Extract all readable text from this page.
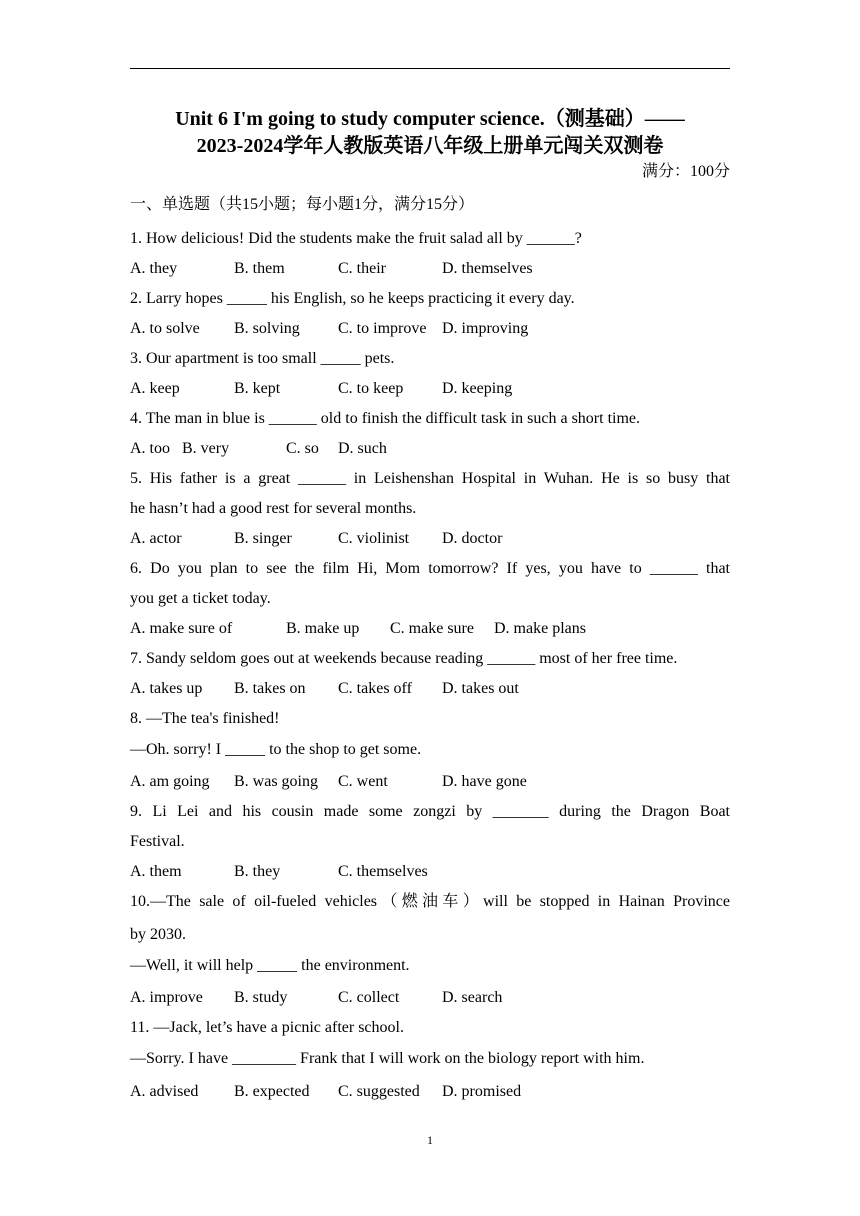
Unit 6 I'm going to study computer science.（测基础）——
2023-2024学年人教版英语八年级上册单元闯关双测卷
满分：100分
一、单选题（共15小题；每小题1分，满分15分）
1. How delicious! Did the students make the fruit salad all by ______?
A. they	B. them	C. their	D. themselves
2. Larry hopes _____ his English, so he keeps practicing it every day.
A. to solve B. solving C. to improve D. improving
3. Our apartment is too small _____ pets.
A. keep	B. kept	C. to keep D. keeping
4. The man in blue is ______ old to finish the difficult task in such a short time.
A. too B. very	C. so D. such
5. His father is a great ______ in Leishenshan Hospital in Wuhan. He is so busy that
he hasn’t had a good rest for several months.
A. actor	B. singer	C. violinist D. doctor
6. Do you plan to see the film Hi, Mom tomorrow? If yes, you have to ______ that
you get a ticket today.
A. make sure of	B. make up C. make sure D. make plans
7. Sandy seldom goes out at weekends because reading ______ most of her free time.
A. takes up B. takes on C. takes off D. takes out
8. —The tea's finished!
—Oh. sorry! I _____ to the shop to get some.
A. am going B. was going C. went	D. have gone
9. Li Lei and his cousin made some zongzi by _______ during the Dragon Boat
Festival.
A. them	B. they	C. themselves
10.—The sale of oil-fueled vehicles（燃油车）will be stopped in Hainan Province
by 2030.
—Well, it will help _____ the environment.
A. improve B. study	C. collect	D. search
11. —Jack, let’s have a picnic after school.
—Sorry. I have ________ Frank that I will work on the biology report with him.
A. advised B. expected C. suggested D. promised
1
